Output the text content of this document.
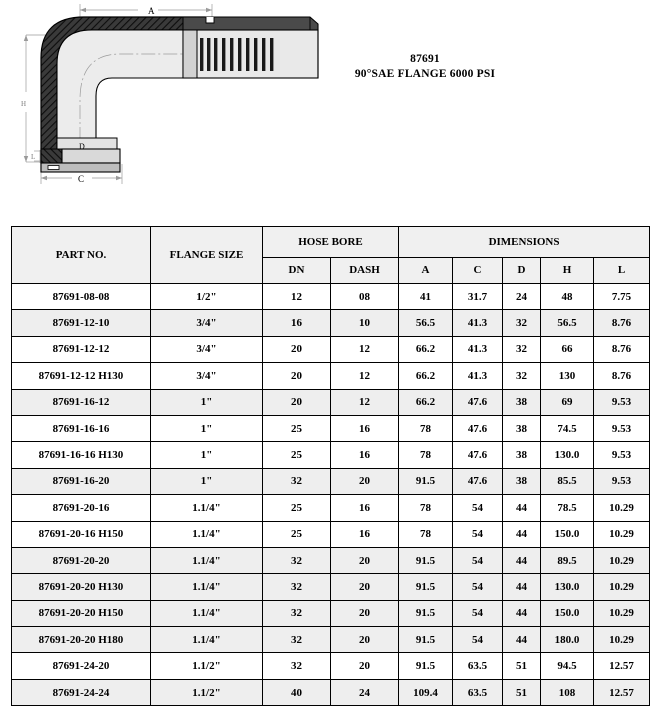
A
C
D
H
L
87691
90°SAE FLANGE 6000 PSI
PART NO.	FLANGE SIZE	HOSE BORE		DIMENSIONS				
		DN	DASH	A	C	D	H	L
87691-08-08	1/2"	12	08	41	31.7	24	48	7.75
87691-12-10	3/4"	16	10	56.5	41.3	32	56.5	8.76
87691-12-12	3/4"	20	12	66.2	41.3	32	66	8.76
87691-12-12 H130	3/4"	20	12	66.2	41.3	32	130	8.76
87691-16-12	1"	20	12	66.2	47.6	38	69	9.53
87691-16-16	1"	25	16	78	47.6	38	74.5	9.53
87691-16-16 H130	1"	25	16	78	47.6	38	130.0	9.53
87691-16-20	1"	32	20	91.5	47.6	38	85.5	9.53
87691-20-16	1.1/4"	25	16	78	54	44	78.5	10.29
87691-20-16 H150	1.1/4"	25	16	78	54	44	150.0	10.29
87691-20-20	1.1/4"	32	20	91.5	54	44	89.5	10.29
87691-20-20 H130	1.1/4"	32	20	91.5	54	44	130.0	10.29
87691-20-20 H150	1.1/4"	32	20	91.5	54	44	150.0	10.29
87691-20-20 H180	1.1/4"	32	20	91.5	54	44	180.0	10.29
87691-24-20	1.1/2"	32	20	91.5	63.5	51	94.5	12.57
87691-24-24	1.1/2"	40	24	109.4	63.5	51	108	12.57
